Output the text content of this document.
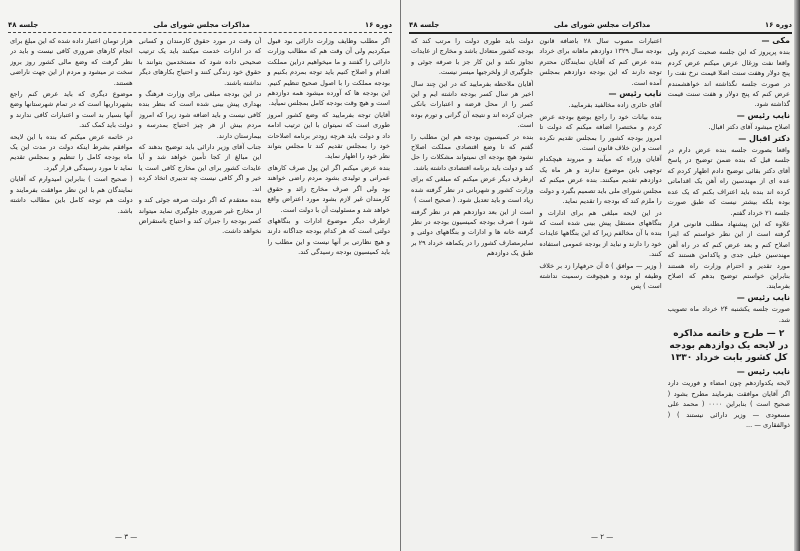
دوره ۱۶
مذاکرات مجلس شورای ملی
جلسه ۴۸

اگر مطلب وظایف وزارت دارائی بود قبول میکردیم ولی آن وقت هم که مطالب وزارت دارائی را گفتند و ما میخواهیم دراین مملکت اقدام و اصلاح کنیم باید توجه بمردم بکنیم و بودجه مملکت را با اصول صحیح تنظیم کنیم. این بودجه ها که آورده میشود همه دوازدهم است و هیچ وقت بودجه کامل بمجلس نمیآید.

آقایان توجه بفرمایید که وضع کشور امروز طوری است که نمیتوان با این ترتیب ادامه داد و دولت باید هرچه زودتر برنامه اصلاحات خود را بمجلس تقدیم کند تا مجلس بتواند نظر خود را اظهار نماید.

بنده عرض میکنم اگر این پول صرف کارهای عمرانی و تولیدی بشود مردم راضی خواهند بود ولی اگر صرف مخارج زائد و حقوق کارمندان غیر لازم بشود مورد اعتراض واقع خواهد شد و مسئولیت آن با دولت است.

ازطرف دیگر موضوع ادارات و بنگاههای دولتی است که هر کدام بودجه جداگانه دارند و هیچ نظارتی بر آنها نیست و این مطلب را باید کمیسیون بودجه رسیدگی کند.

آن وقت در مورد حقوق کارمندان و کسانی که در ادارات خدمت میکنند باید یک ترتیب صحیحی داده شود که مستخدمین بتوانند با حقوق خود زندگی کنند و احتیاج بکارهای دیگر نداشته باشند.

در این بودجه مبلغی برای وزارت فرهنگ و بهداری پیش بینی شده است که بنظر بنده کافی نیست و باید اضافه شود زیرا که امروز مردم بیش از هر چیز احتیاج بمدرسه و بیمارستان دارند.

جناب آقای وزیر دارائی باید توضیح بدهند که این مبالغ از کجا تأمین خواهد شد و آیا عایدات کشور برای این مخارج کافی است یا خیر و اگر کافی نیست چه تدبیری اتخاذ کرده اند.

بنده معتقدم که اگر دولت صرفه جوئی کند و از مخارج غیر ضروری جلوگیری نماید میتواند کسر بودجه را جبران کند و احتیاج باستقراض نخواهد داشت.

هزار تومان اعتبار داده شده که این مبلغ برای انجام کارهای ضروری کافی نیست و باید در نظر گرفت که وضع مالی کشور روز بروز سخت تر میشود و مردم از این جهت ناراضی هستند.

موضوع دیگری که باید عرض کنم راجع بشهرداریها است که در تمام شهرستانها وضع آنها بسیار بد است و اعتبارات کافی ندارند و دولت باید کمک کند.

در خاتمه عرض میکنم که بنده با این لایحه موافقم بشرط اینکه دولت در مدت این یک ماه بودجه کامل را تنظیم و بمجلس تقدیم نماید تا مورد رسیدگی قرار گیرد.

( صحیح است ) بنابراین امیدوارم که آقایان نمایندگان هم با این نظر موافقت بفرمایند و دولت هم توجه کامل باین مطالب داشته باشد.

— ۳ —
دوره ۱۶
مذاکرات مجلس شورای ملی
جلسه ۴۸

مکی —

بنده پریروز که این جلسه صحبت کردم ولی واقعا نفت وزغال عرض میکنم عرض کردم پنج دولار وهفت سنت اصلا قیمت نرخ نفت را در صورت جلسه نگذاشته اند خواهشمندم عرض کنم که پنج دولار و هفت سنت قیمت گذاشته شود.

نایب رئیس —

اصلاح میشود آقای دکتر اقبال.

دکتر اقبال —

واقعا بصورت جلسه بنده عرض دارم در جلسه قبل که بنده ضمن توضیح در پاسخ آقای دکتر بقائی توضیح دادم اظهار کردم که عده ای از مهندسین راه آهن یک اقداماتی کرده اند بنده باید اعتراف بکنم که یک عده بوده بلکه بیشتر نیست که طبق صورت جلسه ۲۱ خرداد گفتم.

علاوه که این پیشنهاد مطلب قانونی قرار گرفته است از این نظر خواستم که اینرا اصلاح کنم و بعد عرض کنم که در راه آهن مهندسین خیلی جدی و پاکدامن هستند که مورد تقدیر و احترام وزارت راه هستند بنابراین خواستم توضیح بدهم که اصلاح بفرمایند.

نایب رئیس —

صورت جلسه یکشنبه ۲۴ خرداد ماه تصویب شد.

۲ — طرح و خاتمه مذاکره در لایحه یک دوازدهم بودجه کل کشور بابت خرداد ۱۳۳۰

نایب رئیس —

لایحه یکدوازدهم چون امضاء و فوریت دارد اگر آقایان موافقت بفرمایند مطرح بشود ( صحیح است ) بنابراین ۰۰۰۰ ( محمد علی مسعودی — وزیر دارائی نیستند ) ( ذوالفقاری — ...

اعتبارات مصوب سال ۲۸ باضافه قانون بودجه سال ۱۳۲۹ دوازدهم ماهانه برای خرداد بنده عرض کنم که آقایان نمایندگان محترم توجه دارند که این بودجه دوازدهم بمجلس آمده است.

نایب رئیس —

آقای حائری زاده مخالفید بفرمایید.

بنده بیانات خود را راجع بوضع بودجه عرض کردم و مختصرا اضافه میکنم که دولت تا امروز بودجه کشور را بمجلس تقدیم نکرده است و این خلاف قانون است.

آقایان وزراء که میآیند و میروند هیچکدام توجهی باین موضوع ندارند و هر ماه یک دوازدهم تقدیم میکنند. بنده عرض میکنم که مجلس شورای ملی باید تصمیم بگیرد و دولت را ملزم کند که بودجه را تقدیم نماید.

در این لایحه مبلغی هم برای ادارات و بنگاههای مستقل پیش بینی شده است که بنده با آن مخالفم زیرا که این بنگاهها عایدات خود را دارند و نباید از بودجه عمومی استفاده کنند.

( وزیر — موافق ) ۵ آن حرفهارا زد بر خلاف وظیفه او بوده و هیچوقت رسمیت نداشته است ) پس

دولت باید طوری دولت را مرتب کند که بودجه کشور متعادل باشد و مخارج از عایدات تجاوز نکند و این کار جز با صرفه جوئی و جلوگیری از ولخرجیها میسر نیست.

آقایان ملاحظه بفرمایید که در این چند سال اخیر هر سال کسر بودجه داشته ایم و این کسر را از محل قرضه و اعتبارات بانکی جبران کرده اند و نتیجه آن گرانی و تورم بوده است.

بنده در کمیسیون بودجه هم این مطلب را گفتم که تا وضع اقتصادی مملکت اصلاح نشود هیچ بودجه ای نمیتواند مشکلات را حل کند و دولت باید برنامه اقتصادی داشته باشد.

ازطرف دیگر عرض میکنم که مبلغی که برای وزارت کشور و شهربانی در نظر گرفته شده زیاد است و باید تعدیل شود. ( صحیح است )

است از این بعد دوازدهم هم در نظر گرفته شود ) صرف بودجه کمیسیون بودجه در نظر گرفته خانه ها و ادارات و بنگاههای دولتی و سایرمصارف کشور را در یکماهه خرداد ۲۹ بر طبق یک دوازدهم

— ۲ —
